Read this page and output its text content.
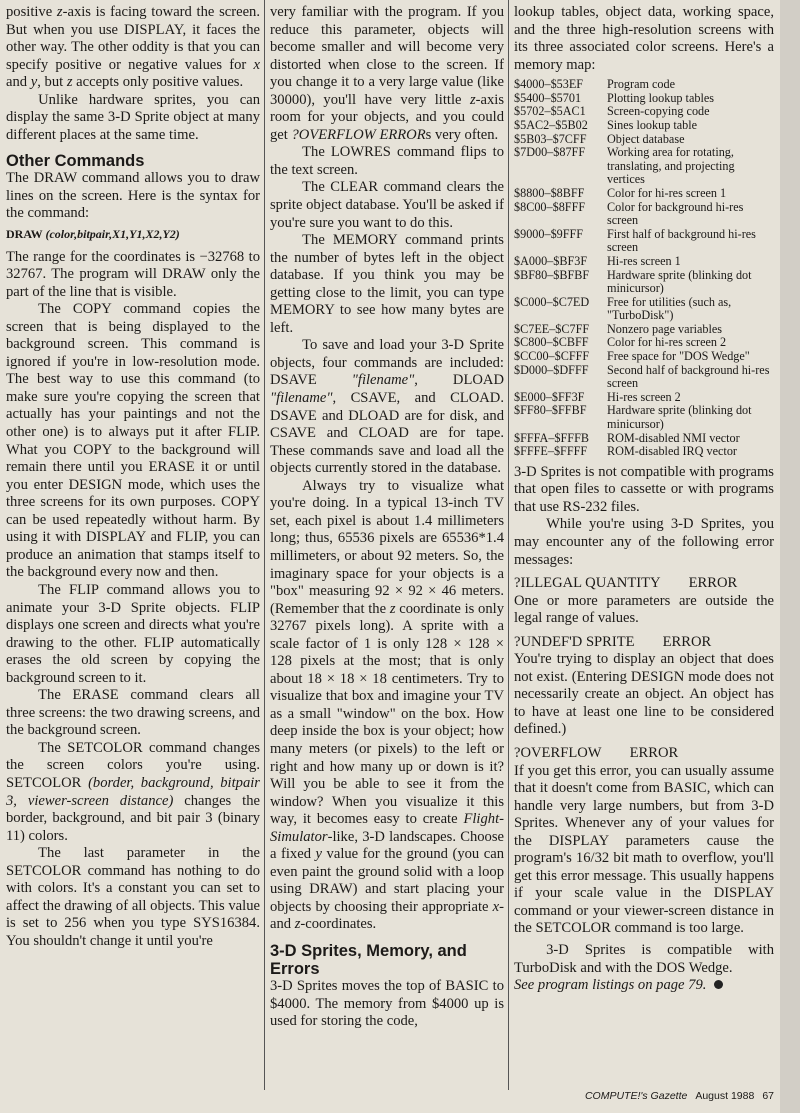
positive z-axis is facing toward the screen. But when you use DISPLAY, it faces the other way. The other oddity is that you can specify positive or negative values for x and y, but z accepts only positive values.

Unlike hardware sprites, you can display the same 3-D Sprite object at many different places at the same time.

Other Commands

The DRAW command allows you to draw lines on the screen. Here is the syntax for the command:

DRAW (color,bitpair,X1,Y1,X2,Y2)

The range for the coordinates is −32768 to 32767. The program will DRAW only the part of the line that is visible.

The COPY command copies the screen that is being displayed to the background screen. This command is ignored if you're in low-resolution mode. The best way to use this command (to make sure you're copying the screen that actually has your paintings and not the other one) is to always put it after FLIP. What you COPY to the background will remain there until you ERASE it or until you enter DESIGN mode, which uses the three screens for its own purposes. COPY can be used repeatedly without harm. By using it with DISPLAY and FLIP, you can produce an animation that stamps itself to the background every now and then.

The FLIP command allows you to animate your 3-D Sprite objects. FLIP displays one screen and directs what you're drawing to the other. FLIP automatically erases the old screen by copying the background screen to it.

The ERASE command clears all three screens: the two drawing screens, and the background screen.

The SETCOLOR command changes the screen colors you're using. SETCOLOR (border, background, bitpair 3, viewer-screen distance) changes the border, background, and bit pair 3 (binary 11) colors.

The last parameter in the SETCOLOR command has nothing to do with colors. It's a constant you can set to affect the drawing of all objects. This value is set to 256 when you type SYS16384. You shouldn't change it until you're

very familiar with the program. If you reduce this parameter, objects will become smaller and will become very distorted when close to the screen. If you change it to a very large value (like 30000), you'll have very little z-axis room for your objects, and you could get ?OVERFLOW ERRORs very often.

The LOWRES command flips to the text screen.

The CLEAR command clears the sprite object database. You'll be asked if you're sure you want to do this.

The MEMORY command prints the number of bytes left in the object database. If you think you may be getting close to the limit, you can type MEMORY to see how many bytes are left.

To save and load your 3-D Sprite objects, four commands are included: DSAVE "filename", DLOAD "filename", CSAVE, and CLOAD. DSAVE and DLOAD are for disk, and CSAVE and CLOAD are for tape. These commands save and load all the objects currently stored in the database.

Always try to visualize what you're doing. In a typical 13-inch TV set, each pixel is about 1.4 millimeters long; thus, 65536 pixels are 65536*1.4 millimeters, or about 92 meters. So, the imaginary space for your objects is a "box" measuring 92 × 92 × 46 meters. (Remember that the z coordinate is only 32767 pixels long). A sprite with a scale factor of 1 is only 128 × 128 × 128 pixels at the most; that is only about 18 × 18 × 18 centimeters. Try to visualize that box and imagine your TV as a small "window" on the box. How deep inside the box is your object; how many meters (or pixels) to the left or right and how many up or down is it? Will you be able to see it from the window? When you visualize it this way, it becomes easy to create Flight-Simulator-like, 3-D landscapes. Choose a fixed y value for the ground (you can even paint the ground solid with a loop using DRAW) and start placing your objects by choosing their appropriate x- and z-coordinates.

3-D Sprites, Memory, and Errors

3-D Sprites moves the top of BASIC to $4000. The memory from $4000 up is used for storing the code,

lookup tables, object data, working space, and the three high-resolution screens with its three associated color screens. Here's a memory map:

$4000–$53EF	Program code
$5400–$5701	Plotting lookup tables
$5702–$5AC1	Screen-copying code
$5AC2–$5B02	Sines lookup table
$5B03–$7CFF	Object database
$7D00–$87FF	Working area for rotating, translating, and projecting vertices
$8800–$8BFF	Color for hi-res screen 1
$8C00–$8FFF	Color for background hi-res screen
$9000–$9FFF	First half of background hi-res screen
$A000–$BF3F	Hi-res screen 1
$BF80–$BFBF	Hardware sprite (blinking dot minicursor)
$C000–$C7ED	Free for utilities (such as, "TurboDisk")
$C7EE–$C7FF	Nonzero page variables
$C800–$CBFF	Color for hi-res screen 2
$CC00–$CFFF	Free space for "DOS Wedge"
$D000–$DFFF	Second half of background hi-res screen
$E000–$FF3F	Hi-res screen 2
$FF80–$FFBF	Hardware sprite (blinking dot minicursor)
$FFFA–$FFFB	ROM-disabled NMI vector
$FFFE–$FFFF	ROM-disabled IRQ vector

3-D Sprites is not compatible with programs that open files to cassette or with programs that use RS-232 files.

While you're using 3-D Sprites, you may encounter any of the following error messages:

?ILLEGAL QUANTITY ERROR

One or more parameters are outside the legal range of values.

?UNDEF'D SPRITE ERROR

You're trying to display an object that does not exist. (Entering DESIGN mode does not necessarily create an object. An object has to have at least one line to be considered defined.)

?OVERFLOW ERROR

If you get this error, you can usually assume that it doesn't come from BASIC, which can handle very large numbers, but from 3-D Sprites. Whenever any of your values for the DISPLAY parameters cause the program's 16/32 bit math to overflow, you'll get this error message. This usually happens if your scale value in the DISPLAY command or your viewer-screen distance in the SETCOLOR command is too large.

3-D Sprites is compatible with TurboDisk and with the DOS Wedge.

See program listings on page 79.

COMPUTE!'s Gazette August 1988 67
